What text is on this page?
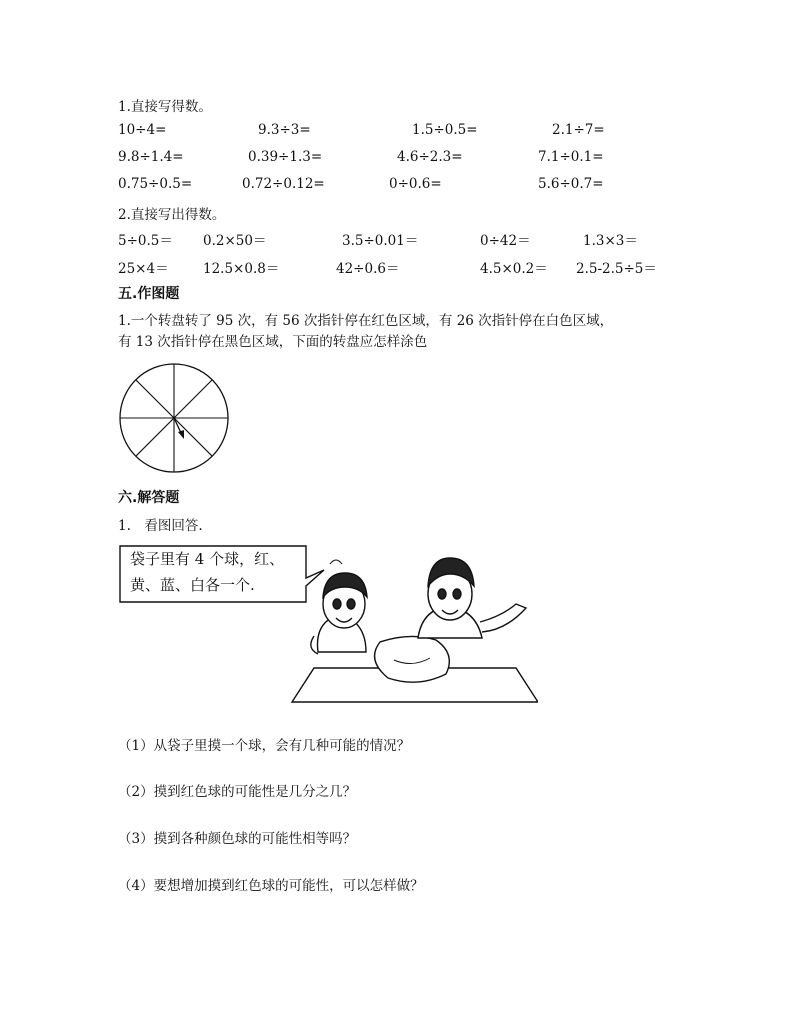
1.直接写得数。
10÷4=	9.3÷3=	1.5÷0.5=	2.1÷7=
9.8÷1.4=	0.39÷1.3=	4.6÷2.3=	7.1÷0.1=
0.75÷0.5=	0.72÷0.12=	0÷0.6=	5.6÷0.7=
2.直接写出得数。
5÷0.5＝ 0.2×50＝	3.5÷0.01＝	0÷42＝	1.3×3＝
25×4＝	12.5×0.8＝	42÷0.6＝	4.5×0.2＝ 2.5-2.5÷5＝
五.作图题
1.一个转盘转了 95 次，有 56 次指针停在红色区域，有 26 次指针停在白色区域，
有 13 次指针停在黑色区域，下面的转盘应怎样涂色
六.解答题
1.　看图回答.
袋子里有 4 个球，红、
黄、蓝、白各一个.
（1）从袋子里摸一个球，会有几种可能的情况？
（2）摸到红色球的可能性是几分之几？
（3）摸到各种颜色球的可能性相等吗？
（4）要想增加摸到红色球的可能性，可以怎样做？
